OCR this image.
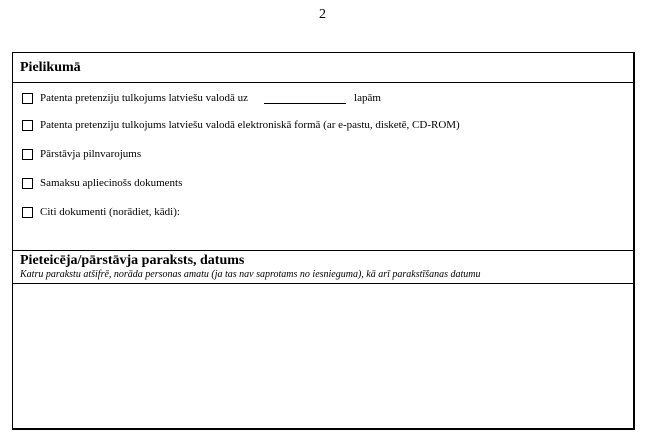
2
Pielikumā
Patenta pretenziju tulkojums latviešu valodā uz	lapām
Patenta pretenziju tulkojums latviešu valodā elektroniskā formā (ar e-pastu, disketē, CD-ROM)
Pārstāvja pilnvarojums
Samaksu apliecinošs dokuments
Citi dokumenti (norādiet, kādi):
Pieteicēja/pārstāvja paraksts, datums
Katru parakstu atšifrē, norāda personas amatu (ja tas nav saprotams no iesnieguma), kā arī parakstīšanas datumu
